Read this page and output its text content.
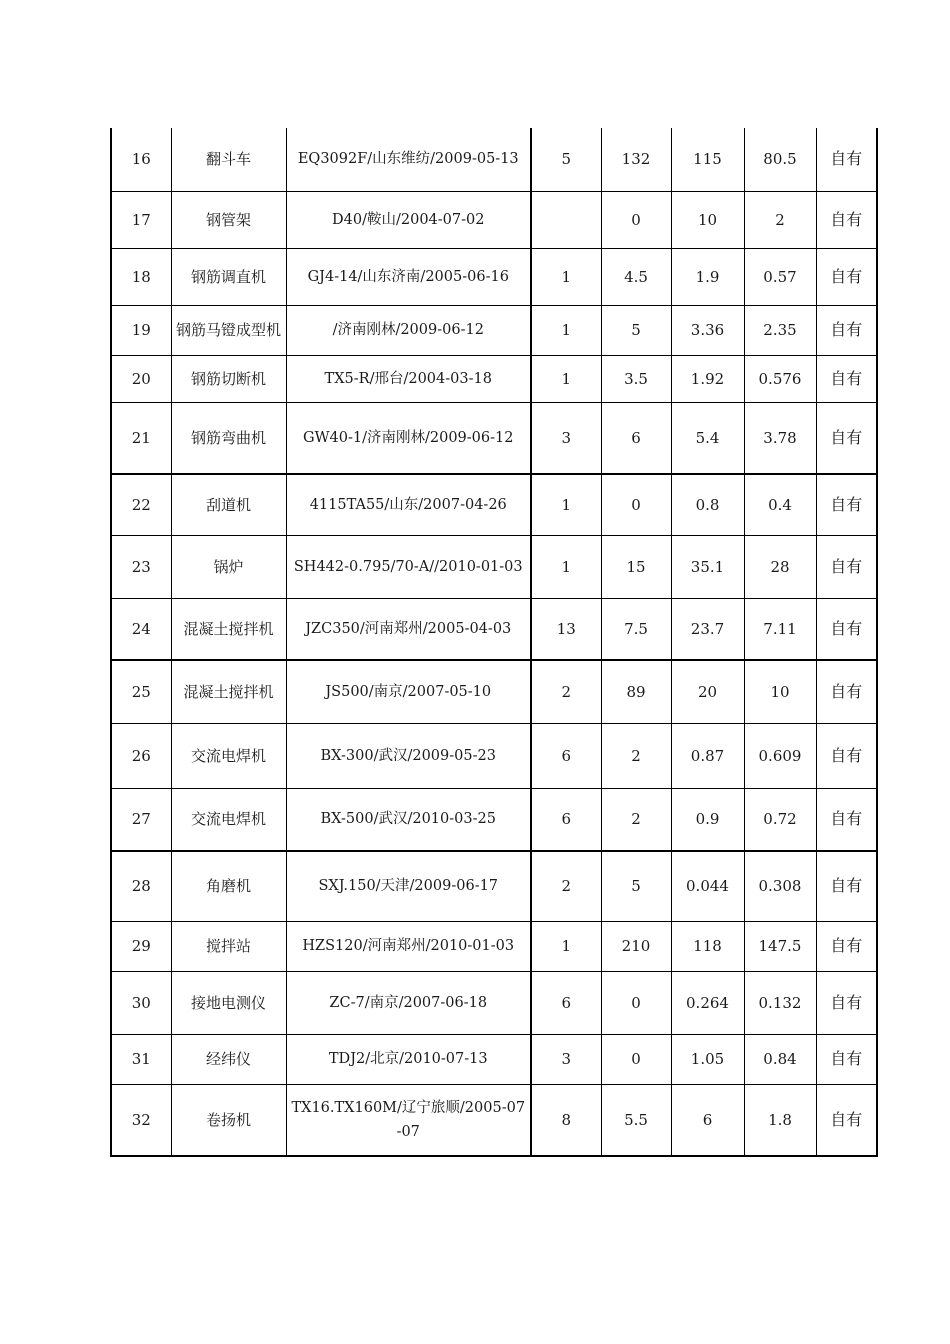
16	翻斗车	EQ3092F/山东维纺/2009-05-13	5	132	115	80.5	自有
17	钢管架	D40/鞍山/2004-07-02		0	10	2	自有
18	钢筋调直机	GJ4-14/山东济南/2005-06-16	1	4.5	1.9	0.57	自有
19	钢筋马镫成型机	/济南刚林/2009-06-12	1	5	3.36	2.35	自有
20	钢筋切断机	TX5-R/邢台/2004-03-18	1	3.5	1.92	0.576	自有
21	钢筋弯曲机	GW40-1/济南刚林/2009-06-12	3	6	5.4	3.78	自有
22	刮道机	4115TA55/山东/2007-04-26	1	0	0.8	0.4	自有
23	锅炉	SH442-0.795/70-A//2010-01-03	1	15	35.1	28	自有
24	混凝土搅拌机	JZC350/河南郑州/2005-04-03	13	7.5	23.7	7.11	自有
25	混凝土搅拌机	JS500/南京/2007-05-10	2	89	20	10	自有
26	交流电焊机	BX-300/武汉/2009-05-23	6	2	0.87	0.609	自有
27	交流电焊机	BX-500/武汉/2010-03-25	6	2	0.9	0.72	自有
28	角磨机	SXJ.150/天津/2009-06-17	2	5	0.044	0.308	自有
29	搅拌站	HZS120/河南郑州/2010-01-03	1	210	118	147.5	自有
30	接地电测仪	ZC-7/南京/2007-06-18	6	0	0.264	0.132	自有
31	经纬仪	TDJ2/北京/2010-07-13	3	0	1.05	0.84	自有
32	卷扬机	TX16.TX160M/辽宁旅顺/2005-07-07	8	5.5	6	1.8	自有
